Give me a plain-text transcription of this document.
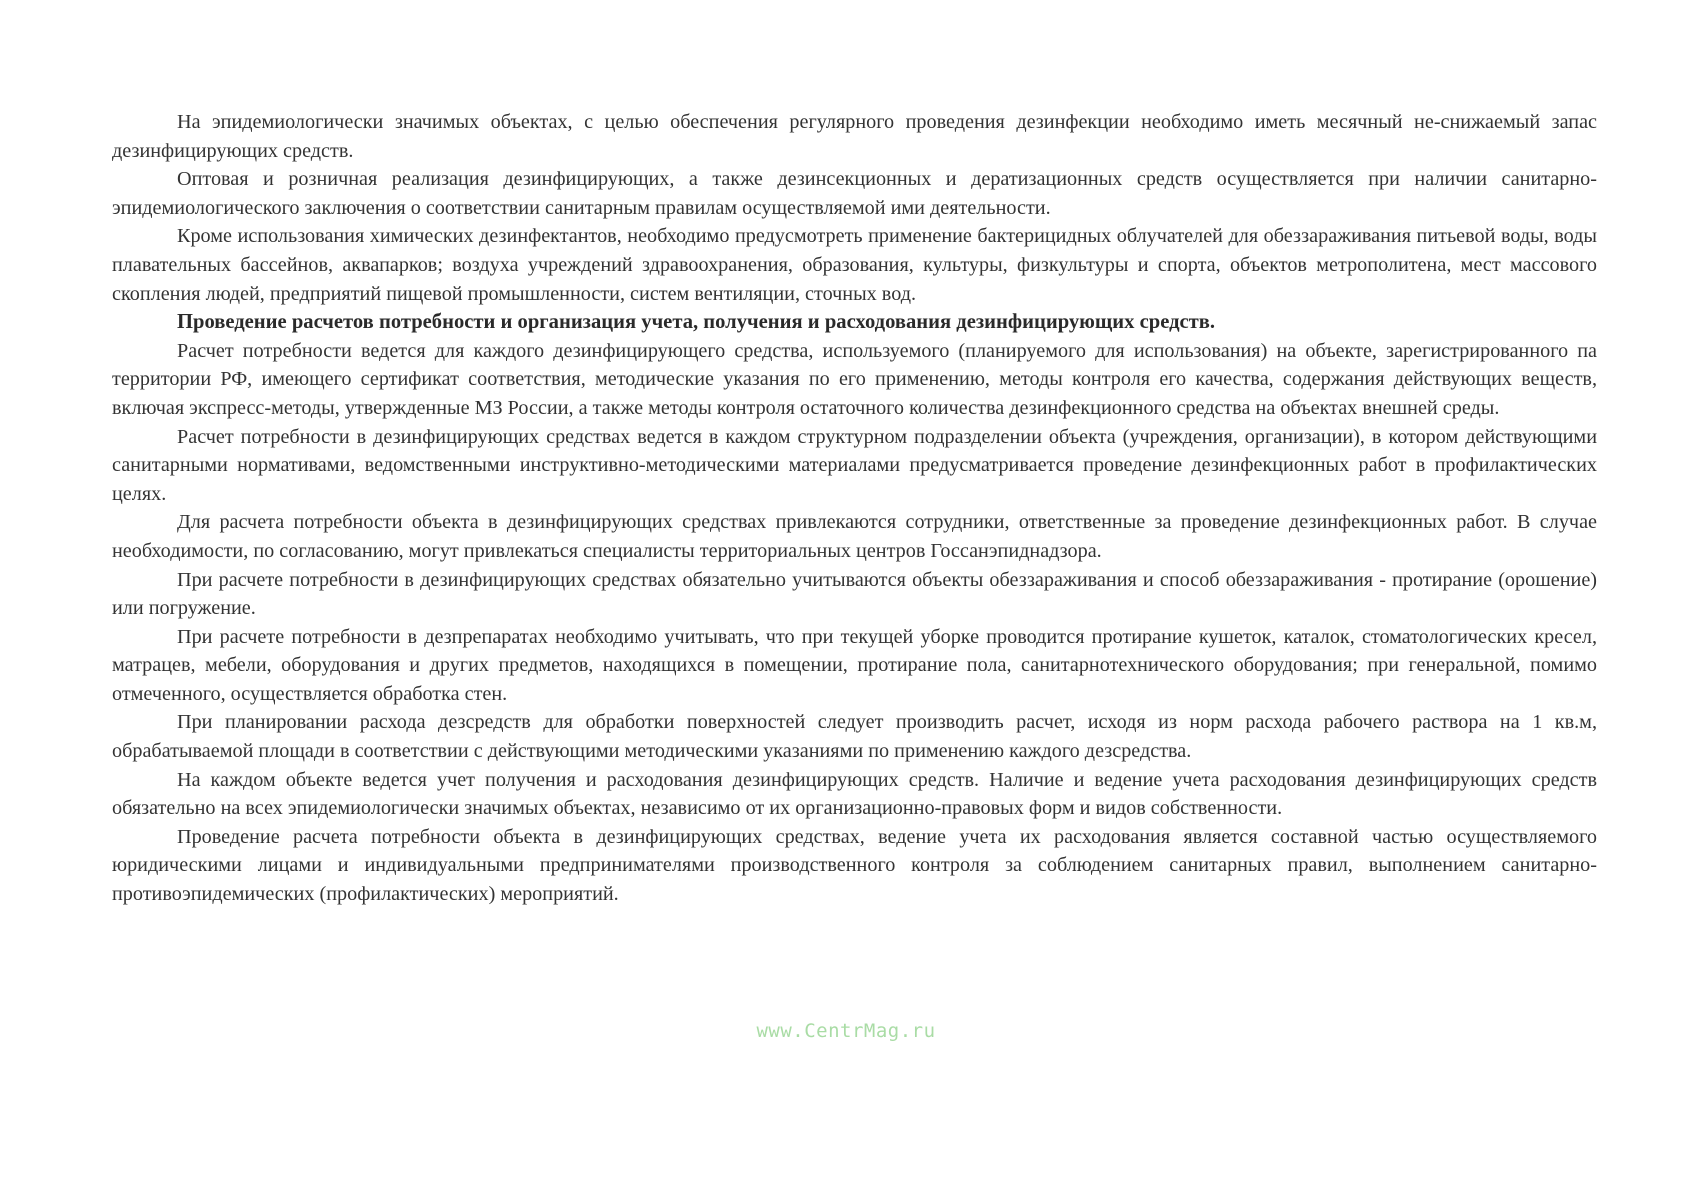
На эпидемиологически значимых объектах, с целью обеспечения регулярного проведения дезинфекции необходимо иметь месячный не-снижаемый запас дезинфицирующих средств.

Оптовая и розничная реализация дезинфицирующих, а также дезинсекционных и дератизационных средств осуществляется при наличии санитарно-эпидемиологического заключения о соответствии санитарным правилам осуществляемой ими деятельности.

Кроме использования химических дезинфектантов, необходимо предусмотреть применение бактерицидных облучателей для обеззараживания питьевой воды, воды плавательных бассейнов, аквапарков; воздуха учреждений здравоохранения, образования, культуры, физкультуры и спорта, объектов метрополитена, мест массового скопления людей, предприятий пищевой промышленности, систем вентиляции, сточных вод.

Проведение расчетов потребности и организация учета, получения и расходования дезинфицирующих средств.

Расчет потребности ведется для каждого дезинфицирующего средства, используемого (планируемого для использования) на объекте, зарегистрированного па территории РФ, имеющего сертификат соответствия, методические указания по его применению, методы контроля его качества, содержания действующих веществ, включая экспресс-методы, утвержденные МЗ России, а также методы контроля остаточного количества дезинфекционного средства на объектах внешней среды.

Расчет потребности в дезинфицирующих средствах ведется в каждом структурном подразделении объекта (учреждения, организации), в котором действующими санитарными нормативами, ведомственными инструктивно-методическими материалами предусматривается проведение дезинфекционных работ в профилактических целях.

Для расчета потребности объекта в дезинфицирующих средствах привлекаются сотрудники, ответственные за проведение дезинфекционных работ. В случае необходимости, по согласованию, могут привлекаться специалисты территориальных центров Госсанэпиднадзора.

При расчете потребности в дезинфицирующих средствах обязательно учитываются объекты обеззараживания и способ обеззараживания - протирание (орошение) или погружение.

При расчете потребности в дезпрепаратах необходимо учитывать, что при текущей уборке проводится протирание кушеток, каталок, стоматологических кресел, матрацев, мебели, оборудования и других предметов, находящихся в помещении, протирание пола, санитарнотехнического оборудования; при генеральной, помимо отмеченного, осуществляется обработка стен.

При планировании расхода дезсредств для обработки поверхностей следует производить расчет, исходя из норм расхода рабочего раствора на 1 кв.м, обрабатываемой площади в соответствии с действующими методическими указаниями по применению каждого дезсредства.

На каждом объекте ведется учет получения и расходования дезинфицирующих средств. Наличие и ведение учета расходования дезинфицирующих средств обязательно на всех эпидемиологически значимых объектах, независимо от их организационно-правовых форм и видов собственности.

Проведение расчета потребности объекта в дезинфицирующих средствах, ведение учета их расходования является составной частью осуществляемого юридическими лицами и индивидуальными предпринимателями производственного контроля за соблюдением санитарных правил, выполнением санитарно-противоэпидемических (профилактических) мероприятий.

www.CentrMag.ru
